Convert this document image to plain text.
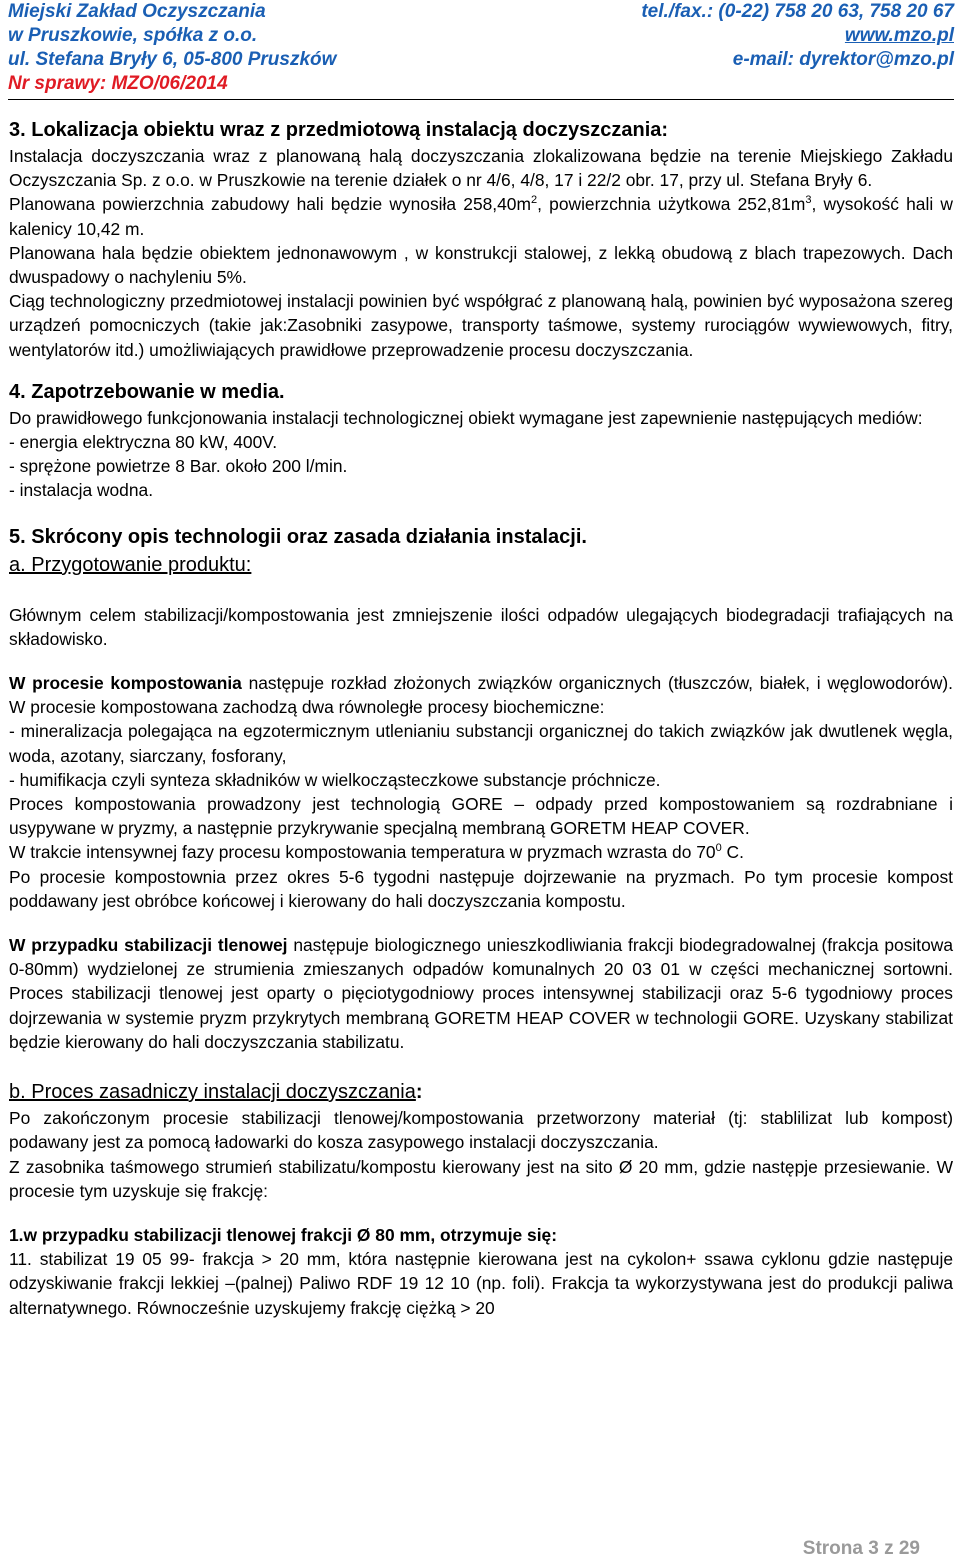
Miejski Zakład Oczyszczania	tel./fax.: (0-22) 758 20 63, 758 20 67
w Pruszkowie, spółka z o.o.	www.mzo.pl
ul. Stefana Bryły 6, 05-800 Pruszków	e-mail: dyrektor@mzo.pl
Nr sprawy: MZO/06/2014

3. Lokalizacja obiektu wraz z przedmiotową instalacją doczyszczania:

Instalacja doczyszczania wraz z planowaną halą doczyszczania zlokalizowana będzie na terenie Miejskiego Zakładu Oczyszczania Sp. z o.o. w Pruszkowie na terenie działek o nr 4/6, 4/8, 17 i 22/2 obr. 17, przy ul. Stefana Bryły 6.

Planowana powierzchnia zabudowy hali będzie wynosiła $258,40m^2$, powierzchnia użytkowa $252,81m^3$, wysokość hali w kalenicy 10,42 m.

Planowana hala będzie obiektem jednonawowym , w konstrukcji stalowej, z lekką obudową z blach trapezowych. Dach dwuspadowy o nachyleniu 5%.

Ciąg technologiczny przedmiotowej instalacji powinien być współgrać z planowaną halą, powinien być wyposażona szereg urządzeń pomocniczych (takie jak:Zasobniki zasypowe, transporty taśmowe, systemy rurociągów wywiewowych, fitry, wentylatorów itd.) umożliwiających prawidłowe przeprowadzenie procesu doczyszczania.

4. Zapotrzebowanie w media.

Do prawidłowego funkcjonowania instalacji technologicznej obiekt wymagane jest zapewnienie następujących mediów:

- energia elektryczna 80 kW, 400V.

- sprężone powietrze 8 Bar. około 200 l/min.

- instalacja wodna.

5. Skrócony opis technologii oraz zasada działania instalacji.

a. Przygotowanie produktu:

Głównym celem stabilizacji/kompostowania jest zmniejszenie ilości odpadów ulegających biodegradacji trafiających na składowisko.

W procesie kompostowania następuje rozkład złożonych związków organicznych (tłuszczów, białek, i węglowodorów). W procesie kompostowana zachodzą dwa równoległe procesy biochemiczne:

- mineralizacja polegająca na egzotermicznym utlenianiu substancji organicznej do takich związków jak dwutlenek węgla, woda, azotany, siarczany, fosforany,

- humifikacja czyli synteza składników w wielkocząsteczkowe substancje próchnicze.

Proces kompostowania prowadzony jest technologią GORE – odpady przed kompostowaniem są rozdrabniane i usypywane w pryzmy, a następnie przykrywanie specjalną membraną GORETM HEAP COVER.

W trakcie intensywnej fazy procesu kompostowania temperatura w pryzmach wzrasta do $70^0$ C.

Po procesie kompostownia przez okres 5-6 tygodni następuje dojrzewanie na pryzmach. Po tym procesie kompost poddawany jest obróbce końcowej i kierowany do hali doczyszczania kompostu.

W przypadku stabilizacji tlenowej następuje biologicznego unieszkodliwiania frakcji biodegradowalnej (frakcja positowa 0-80mm) wydzielonej ze strumienia zmieszanych odpadów komunalnych 20 03 01 w części mechanicznej sortowni. Proces stabilizacji tlenowej jest oparty o pięciotygodniowy proces intensywnej stabilizacji oraz 5-6 tygodniowy proces dojrzewania w systemie pryzm przykrytych membraną GORETM HEAP COVER w technologii GORE. Uzyskany stabilizat będzie kierowany do hali doczyszczania stabilizatu.

b. Proces zasadniczy instalacji doczyszczania:

Po zakończonym procesie stabilizacji tlenowej/kompostowania przetworzony materiał (tj: stablilizat lub kompost) podawany jest za pomocą ładowarki do kosza zasypowego instalacji doczyszczania.

Z zasobnika taśmowego strumień stabilizatu/kompostu kierowany jest na sito Ø 20 mm, gdzie następje przesiewanie. W procesie tym uzyskuje się frakcję:

1.w przypadku stabilizacji tlenowej frakcji Ø 80 mm, otrzymuje się:

11. stabilizat 19 05 99- frakcja > 20 mm, która następnie kierowana jest na cykolon+ ssawa cyklonu gdzie następuje odzyskiwanie frakcji lekkiej –(palnej) Paliwo RDF 19 12 10 (np. foli). Frakcja ta wykorzystywana jest do produkcji paliwa alternatywnego. Równocześnie uzyskujemy frakcję ciężką > 20

Strona 3 z 29
